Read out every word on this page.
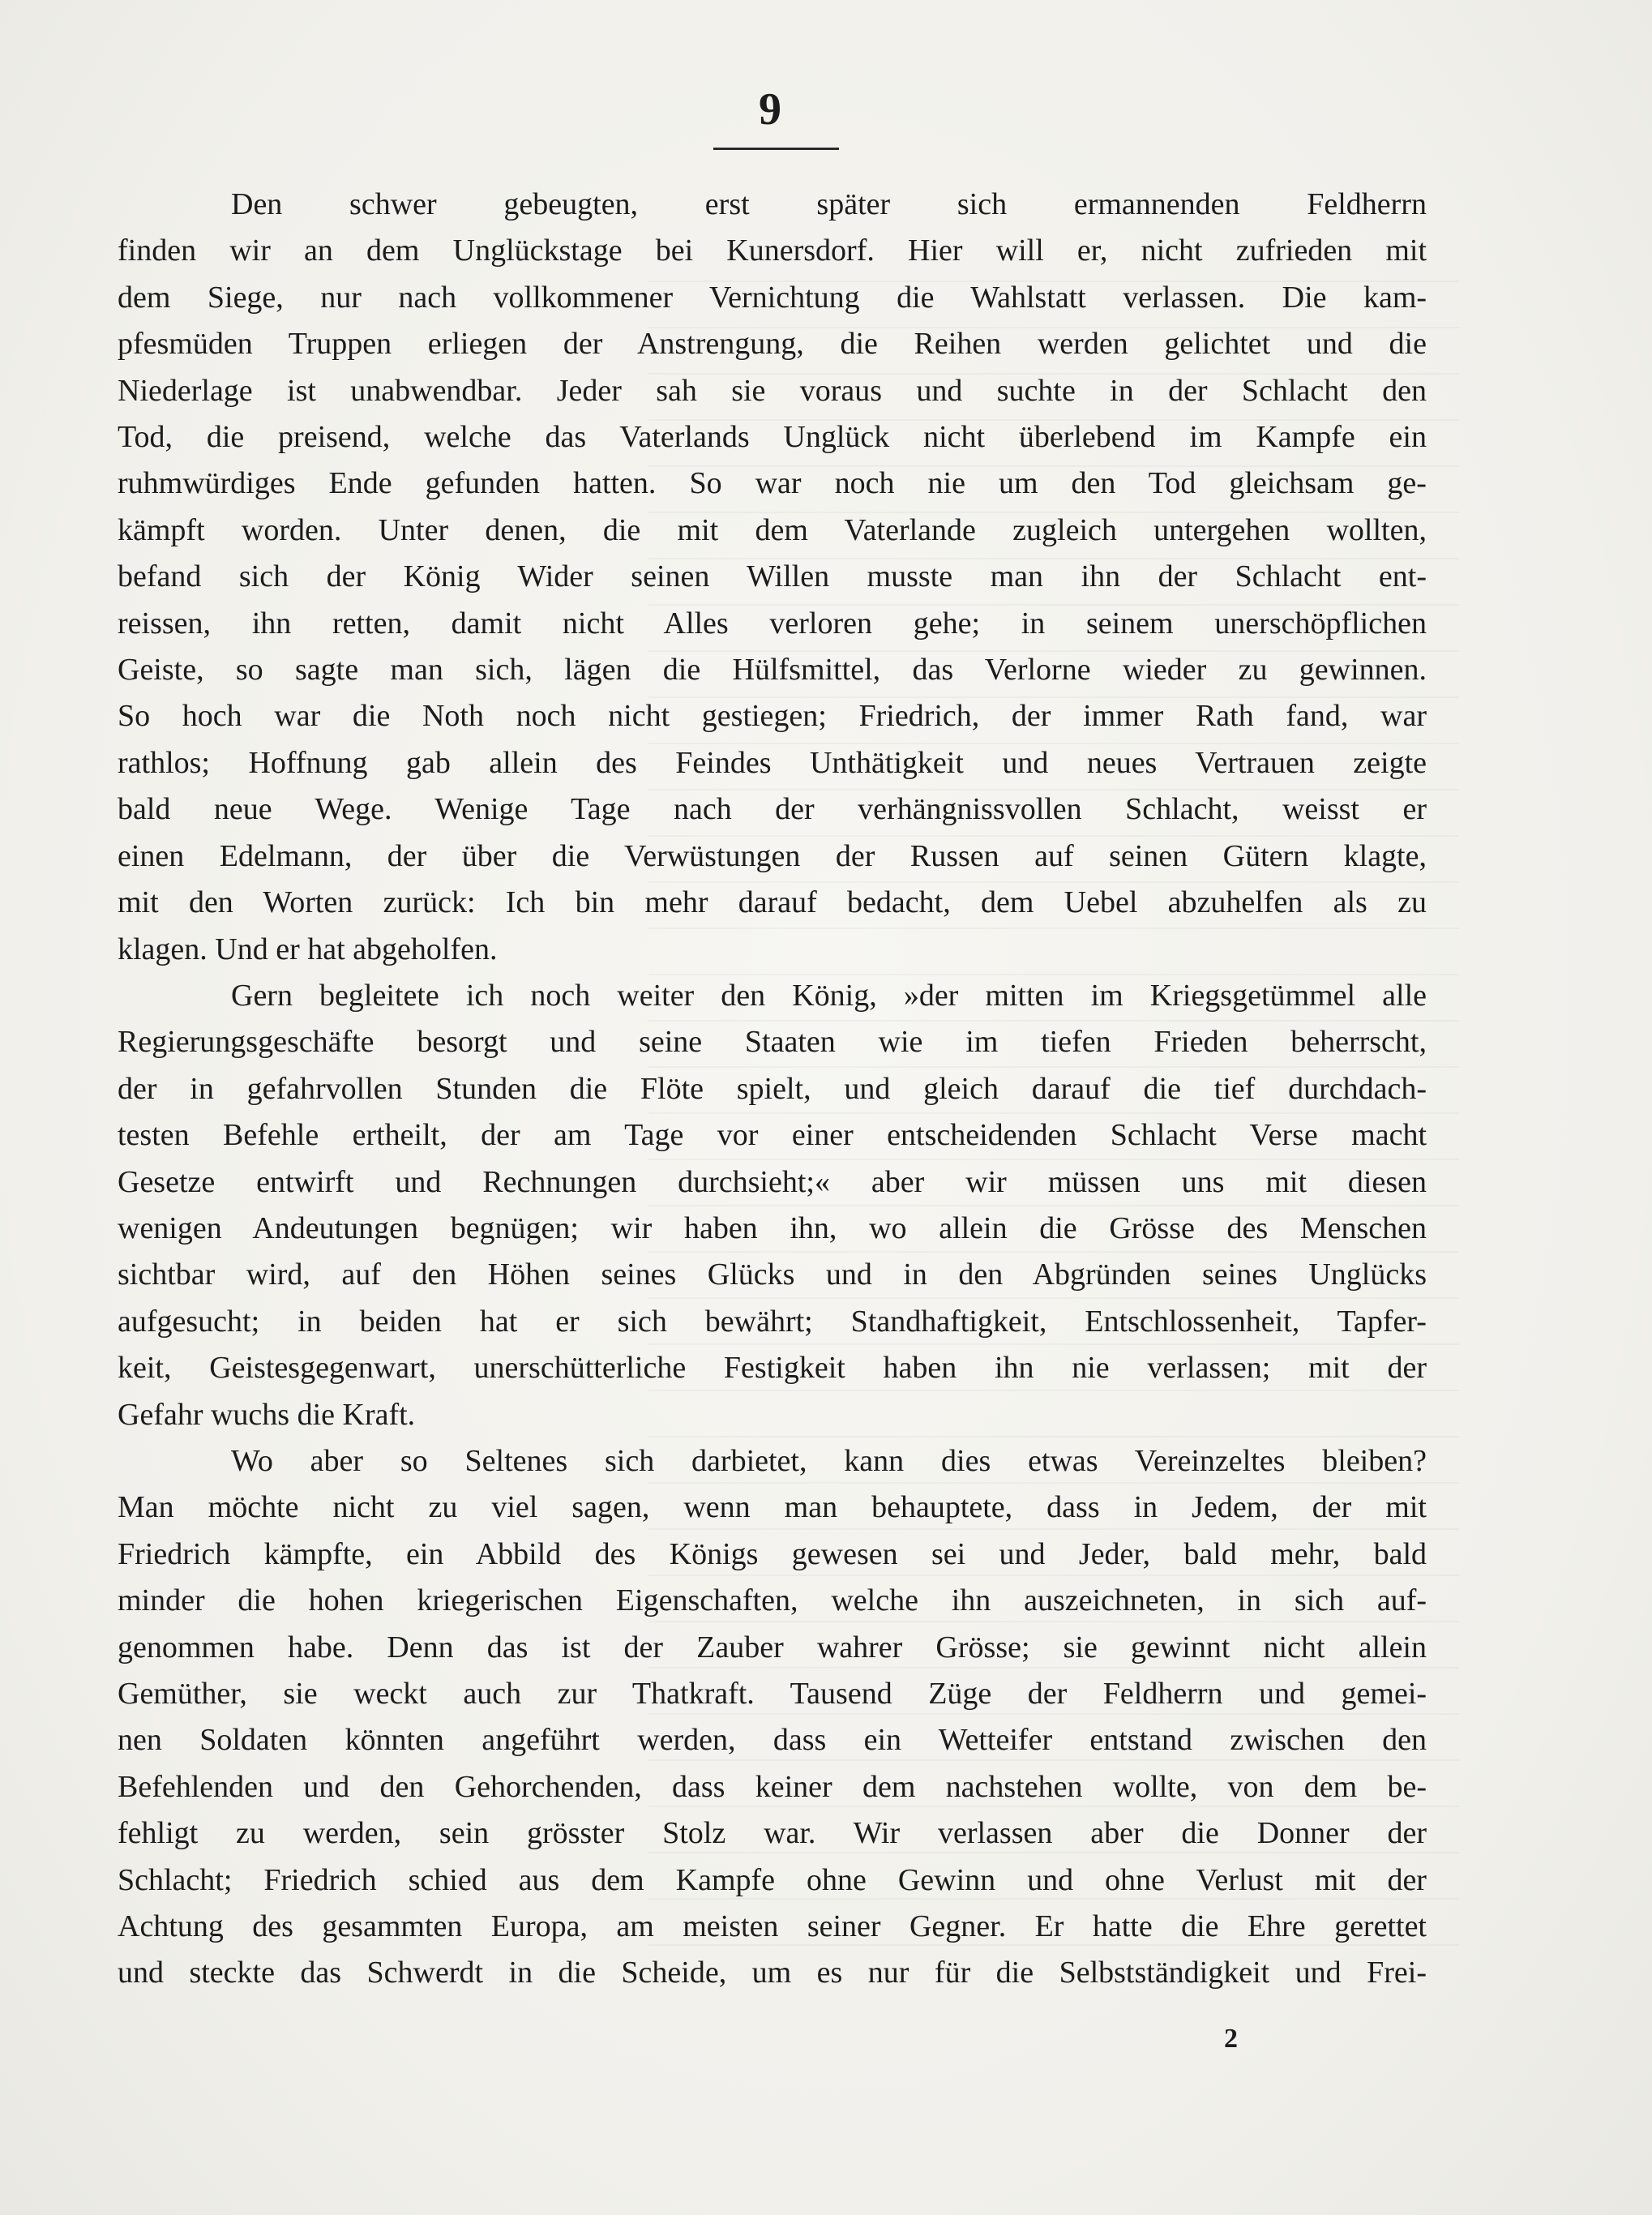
9

Den schwer gebeugten, erst später sich ermannenden Feldherrn
finden wir an dem Unglückstage bei Kunersdorf. Hier will er, nicht zufrieden mit
dem Siege, nur nach vollkommener Vernichtung die Wahlstatt verlassen. Die kam-
pfesmüden Truppen erliegen der Anstrengung, die Reihen werden gelichtet und die
Niederlage ist unabwendbar. Jeder sah sie voraus und suchte in der Schlacht den
Tod, die preisend, welche das Vaterlands Unglück nicht überlebend im Kampfe ein
ruhmwürdiges Ende gefunden hatten. So war noch nie um den Tod gleichsam ge-
kämpft worden. Unter denen, die mit dem Vaterlande zugleich untergehen wollten,
befand sich der König Wider seinen Willen musste man ihn der Schlacht ent-
reissen, ihn retten, damit nicht Alles verloren gehe; in seinem unerschöpflichen
Geiste, so sagte man sich, lägen die Hülfsmittel, das Verlorne wieder zu gewinnen.
So hoch war die Noth noch nicht gestiegen; Friedrich, der immer Rath fand, war
rathlos; Hoffnung gab allein des Feindes Unthätigkeit und neues Vertrauen zeigte
bald neue Wege. Wenige Tage nach der verhängnissvollen Schlacht, weisst er
einen Edelmann, der über die Verwüstungen der Russen auf seinen Gütern klagte,
mit den Worten zurück: Ich bin mehr darauf bedacht, dem Uebel abzuhelfen als zu
klagen. Und er hat abgeholfen.

Gern begleitete ich noch weiter den König, »der mitten im Kriegsgetümmel alle
Regierungsgeschäfte besorgt und seine Staaten wie im tiefen Frieden beherrscht,
der in gefahrvollen Stunden die Flöte spielt, und gleich darauf die tief durchdach-
testen Befehle ertheilt, der am Tage vor einer entscheidenden Schlacht Verse macht
Gesetze entwirft und Rechnungen durchsieht;« aber wir müssen uns mit diesen
wenigen Andeutungen begnügen; wir haben ihn, wo allein die Grösse des Menschen
sichtbar wird, auf den Höhen seines Glücks und in den Abgründen seines Unglücks
aufgesucht; in beiden hat er sich bewährt; Standhaftigkeit, Entschlossenheit, Tapfer-
keit, Geistesgegenwart, unerschütterliche Festigkeit haben ihn nie verlassen; mit der
Gefahr wuchs die Kraft.

Wo aber so Seltenes sich darbietet, kann dies etwas Vereinzeltes bleiben?
Man möchte nicht zu viel sagen, wenn man behauptete, dass in Jedem, der mit
Friedrich kämpfte, ein Abbild des Königs gewesen sei und Jeder, bald mehr, bald
minder die hohen kriegerischen Eigenschaften, welche ihn auszeichneten, in sich auf-
genommen habe. Denn das ist der Zauber wahrer Grösse; sie gewinnt nicht allein
Gemüther, sie weckt auch zur Thatkraft. Tausend Züge der Feldherrn und gemei-
nen Soldaten könnten angeführt werden, dass ein Wetteifer entstand zwischen den
Befehlenden und den Gehorchenden, dass keiner dem nachstehen wollte, von dem be-
fehligt zu werden, sein grösster Stolz war. Wir verlassen aber die Donner der
Schlacht; Friedrich schied aus dem Kampfe ohne Gewinn und ohne Verlust mit der
Achtung des gesammten Europa, am meisten seiner Gegner. Er hatte die Ehre gerettet
und steckte das Schwerdt in die Scheide, um es nur für die Selbstständigkeit und Frei-

2
